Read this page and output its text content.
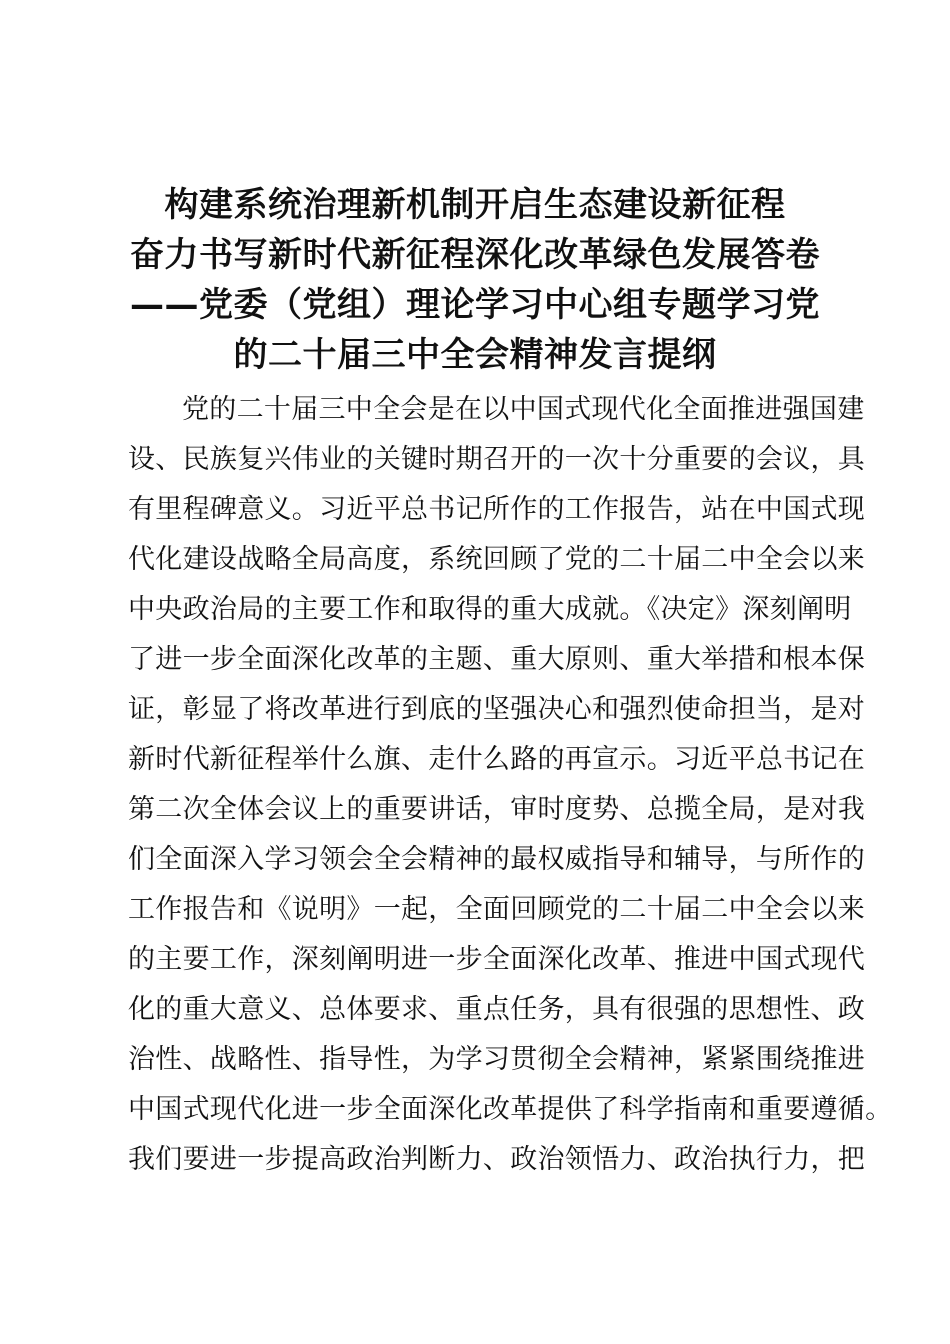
构建系统治理新机制开启生态建设新征程
奋力书写新时代新征程深化改革绿色发展答卷
——党委（党组）理论学习中心组专题学习党
的二十届三中全会精神发言提纲
党的二十届三中全会是在以中国式现代化全面推进强国建
设、民族复兴伟业的关键时期召开的一次十分重要的会议，具
有里程碑意义。习近平总书记所作的工作报告，站在中国式现
代化建设战略全局高度，系统回顾了党的二十届二中全会以来
中央政治局的主要工作和取得的重大成就。《决定》深刻阐明
了进一步全面深化改革的主题、重大原则、重大举措和根本保
证，彰显了将改革进行到底的坚强决心和强烈使命担当，是对
新时代新征程举什么旗、走什么路的再宣示。习近平总书记在
第二次全体会议上的重要讲话，审时度势、总揽全局，是对我
们全面深入学习领会全会精神的最权威指导和辅导，与所作的
工作报告和《说明》一起，全面回顾党的二十届二中全会以来
的主要工作，深刻阐明进一步全面深化改革、推进中国式现代
化的重大意义、总体要求、重点任务，具有很强的思想性、政
治性、战略性、指导性，为学习贯彻全会精神，紧紧围绕推进
中国式现代化进一步全面深化改革提供了科学指南和重要遵循。
我们要进一步提高政治判断力、政治领悟力、政治执行力，把
